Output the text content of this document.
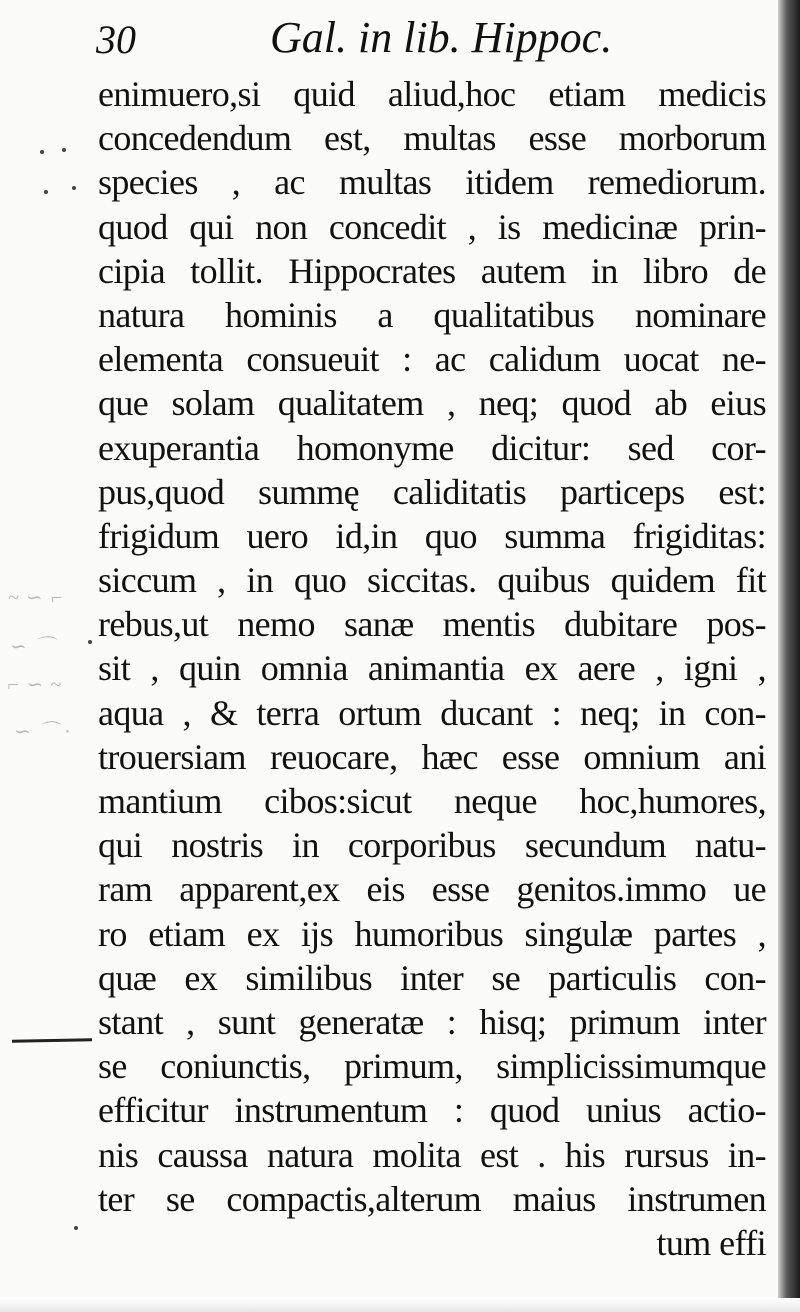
~ ∽ ⌐
∽ ⌒
⌐ ∽ ~
∽ ⌒ ·
30	Gal. in lib. Hippoc.
enimuero,si quid aliud,hoc etiam medicis
concedendum est, multas esse morborum
species , ac multas itidem remediorum.
quod qui non concedit , is medicinæ prin-
cipia tollit. Hippocrates autem in libro de
natura hominis a qualitatibus nominare
elementa consueuit : ac calidum uocat ne-
que solam qualitatem , neq; quod ab eius
exuperantia homonyme dicitur: sed cor-
pus,quod summę caliditatis particeps est:
frigidum uero id,in quo summa frigiditas:
siccum , in quo siccitas. quibus quidem fit
rebus,ut nemo sanæ mentis dubitare pos-
sit , quin omnia animantia ex aere , igni ,
aqua , & terra ortum ducant : neq; in con-
trouersiam reuocare, hæc esse omnium ani
mantium cibos:sicut neque hoc,humores,
qui nostris in corporibus secundum natu-
ram apparent,ex eis esse genitos.immo ue
ro etiam ex ijs humoribus singulæ partes ,
quæ ex similibus inter se particulis con-
stant , sunt generatæ : hisq; primum inter
se coniunctis, primum, simplicissimumque
efficitur instrumentum : quod unius actio-
nis caussa natura molita est . his rursus in-
ter se compactis,alterum maius instrumen
tum effi
